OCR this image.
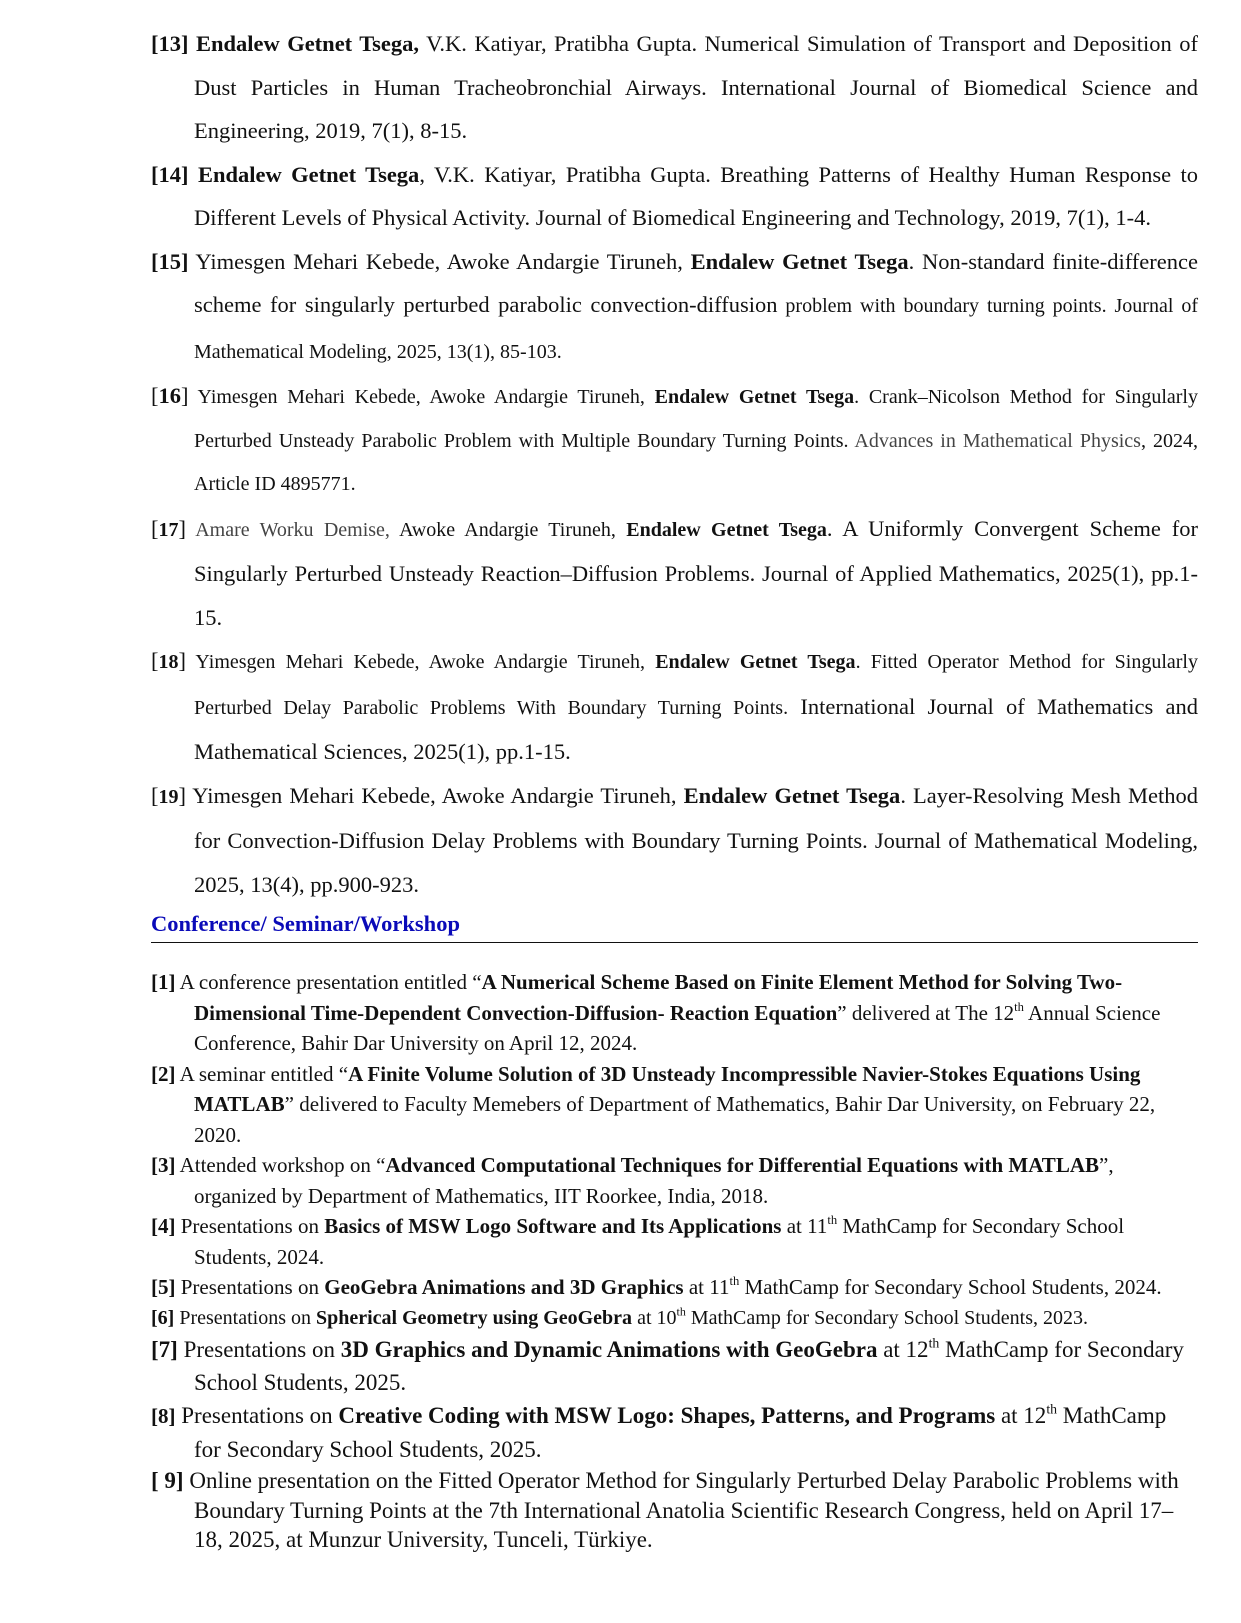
[13] Endalew Getnet Tsega, V.K. Katiyar, Pratibha Gupta. Numerical Simulation of Transport and Deposition of Dust Particles in Human Tracheobronchial Airways. International Journal of Biomedical Science and Engineering, 2019, 7(1), 8-15.

[14] Endalew Getnet Tsega, V.K. Katiyar, Pratibha Gupta. Breathing Patterns of Healthy Human Response to Different Levels of Physical Activity. Journal of Biomedical Engineering and Technology, 2019, 7(1), 1-4.

[15] Yimesgen Mehari Kebede, Awoke Andargie Tiruneh, Endalew Getnet Tsega. Non-standard finite-difference scheme for singularly perturbed parabolic convection-diffusion problem with boundary turning points. Journal of Mathematical Modeling, 2025, 13(1), 85-103.

[16] Yimesgen Mehari Kebede, Awoke Andargie Tiruneh, Endalew Getnet Tsega. Crank–Nicolson Method for Singularly Perturbed Unsteady Parabolic Problem with Multiple Boundary Turning Points. Advances in Mathematical Physics, 2024, Article ID 4895771.

[17] Amare Worku Demise, Awoke Andargie Tiruneh, Endalew Getnet Tsega. A Uniformly Convergent Scheme for Singularly Perturbed Unsteady Reaction–Diffusion Problems. Journal of Applied Mathematics, 2025(1), pp.1-15.

[18] Yimesgen Mehari Kebede, Awoke Andargie Tiruneh, Endalew Getnet Tsega. Fitted Operator Method for Singularly Perturbed Delay Parabolic Problems With Boundary Turning Points. International Journal of Mathematics and Mathematical Sciences, 2025(1), pp.1-15.

[19] Yimesgen Mehari Kebede, Awoke Andargie Tiruneh, Endalew Getnet Tsega. Layer-Resolving Mesh Method for Convection-Diffusion Delay Problems with Boundary Turning Points. Journal of Mathematical Modeling, 2025, 13(4), pp.900-923.

Conference/ Seminar/Workshop

[1] A conference presentation entitled “A Numerical Scheme Based on Finite Element Method for Solving Two-Dimensional Time-Dependent Convection-Diffusion- Reaction Equation” delivered at The 12th Annual Science Conference, Bahir Dar University on April 12, 2024.

[2] A seminar entitled “A Finite Volume Solution of 3D Unsteady Incompressible Navier-Stokes Equations Using MATLAB” delivered to Faculty Memebers of Department of Mathematics, Bahir Dar University, on February 22, 2020.

[3] Attended workshop on “Advanced Computational Techniques for Differential Equations with MATLAB”, organized by Department of Mathematics, IIT Roorkee, India, 2018.

[4] Presentations on Basics of MSW Logo Software and Its Applications at 11th MathCamp for Secondary School Students, 2024.

[5] Presentations on GeoGebra Animations and 3D Graphics at 11th MathCamp for Secondary School Students, 2024.

[6] Presentations on Spherical Geometry using GeoGebra at 10th MathCamp for Secondary School Students, 2023.

[7] Presentations on 3D Graphics and Dynamic Animations with GeoGebra at 12th MathCamp for Secondary School Students, 2025.

[8] Presentations on Creative Coding with MSW Logo: Shapes, Patterns, and Programs at 12th MathCamp for Secondary School Students, 2025.

[ 9] Online presentation on the Fitted Operator Method for Singularly Perturbed Delay Parabolic Problems with Boundary Turning Points at the 7th International Anatolia Scientific Research Congress, held on April 17–18, 2025, at Munzur University, Tunceli, Türkiye.
